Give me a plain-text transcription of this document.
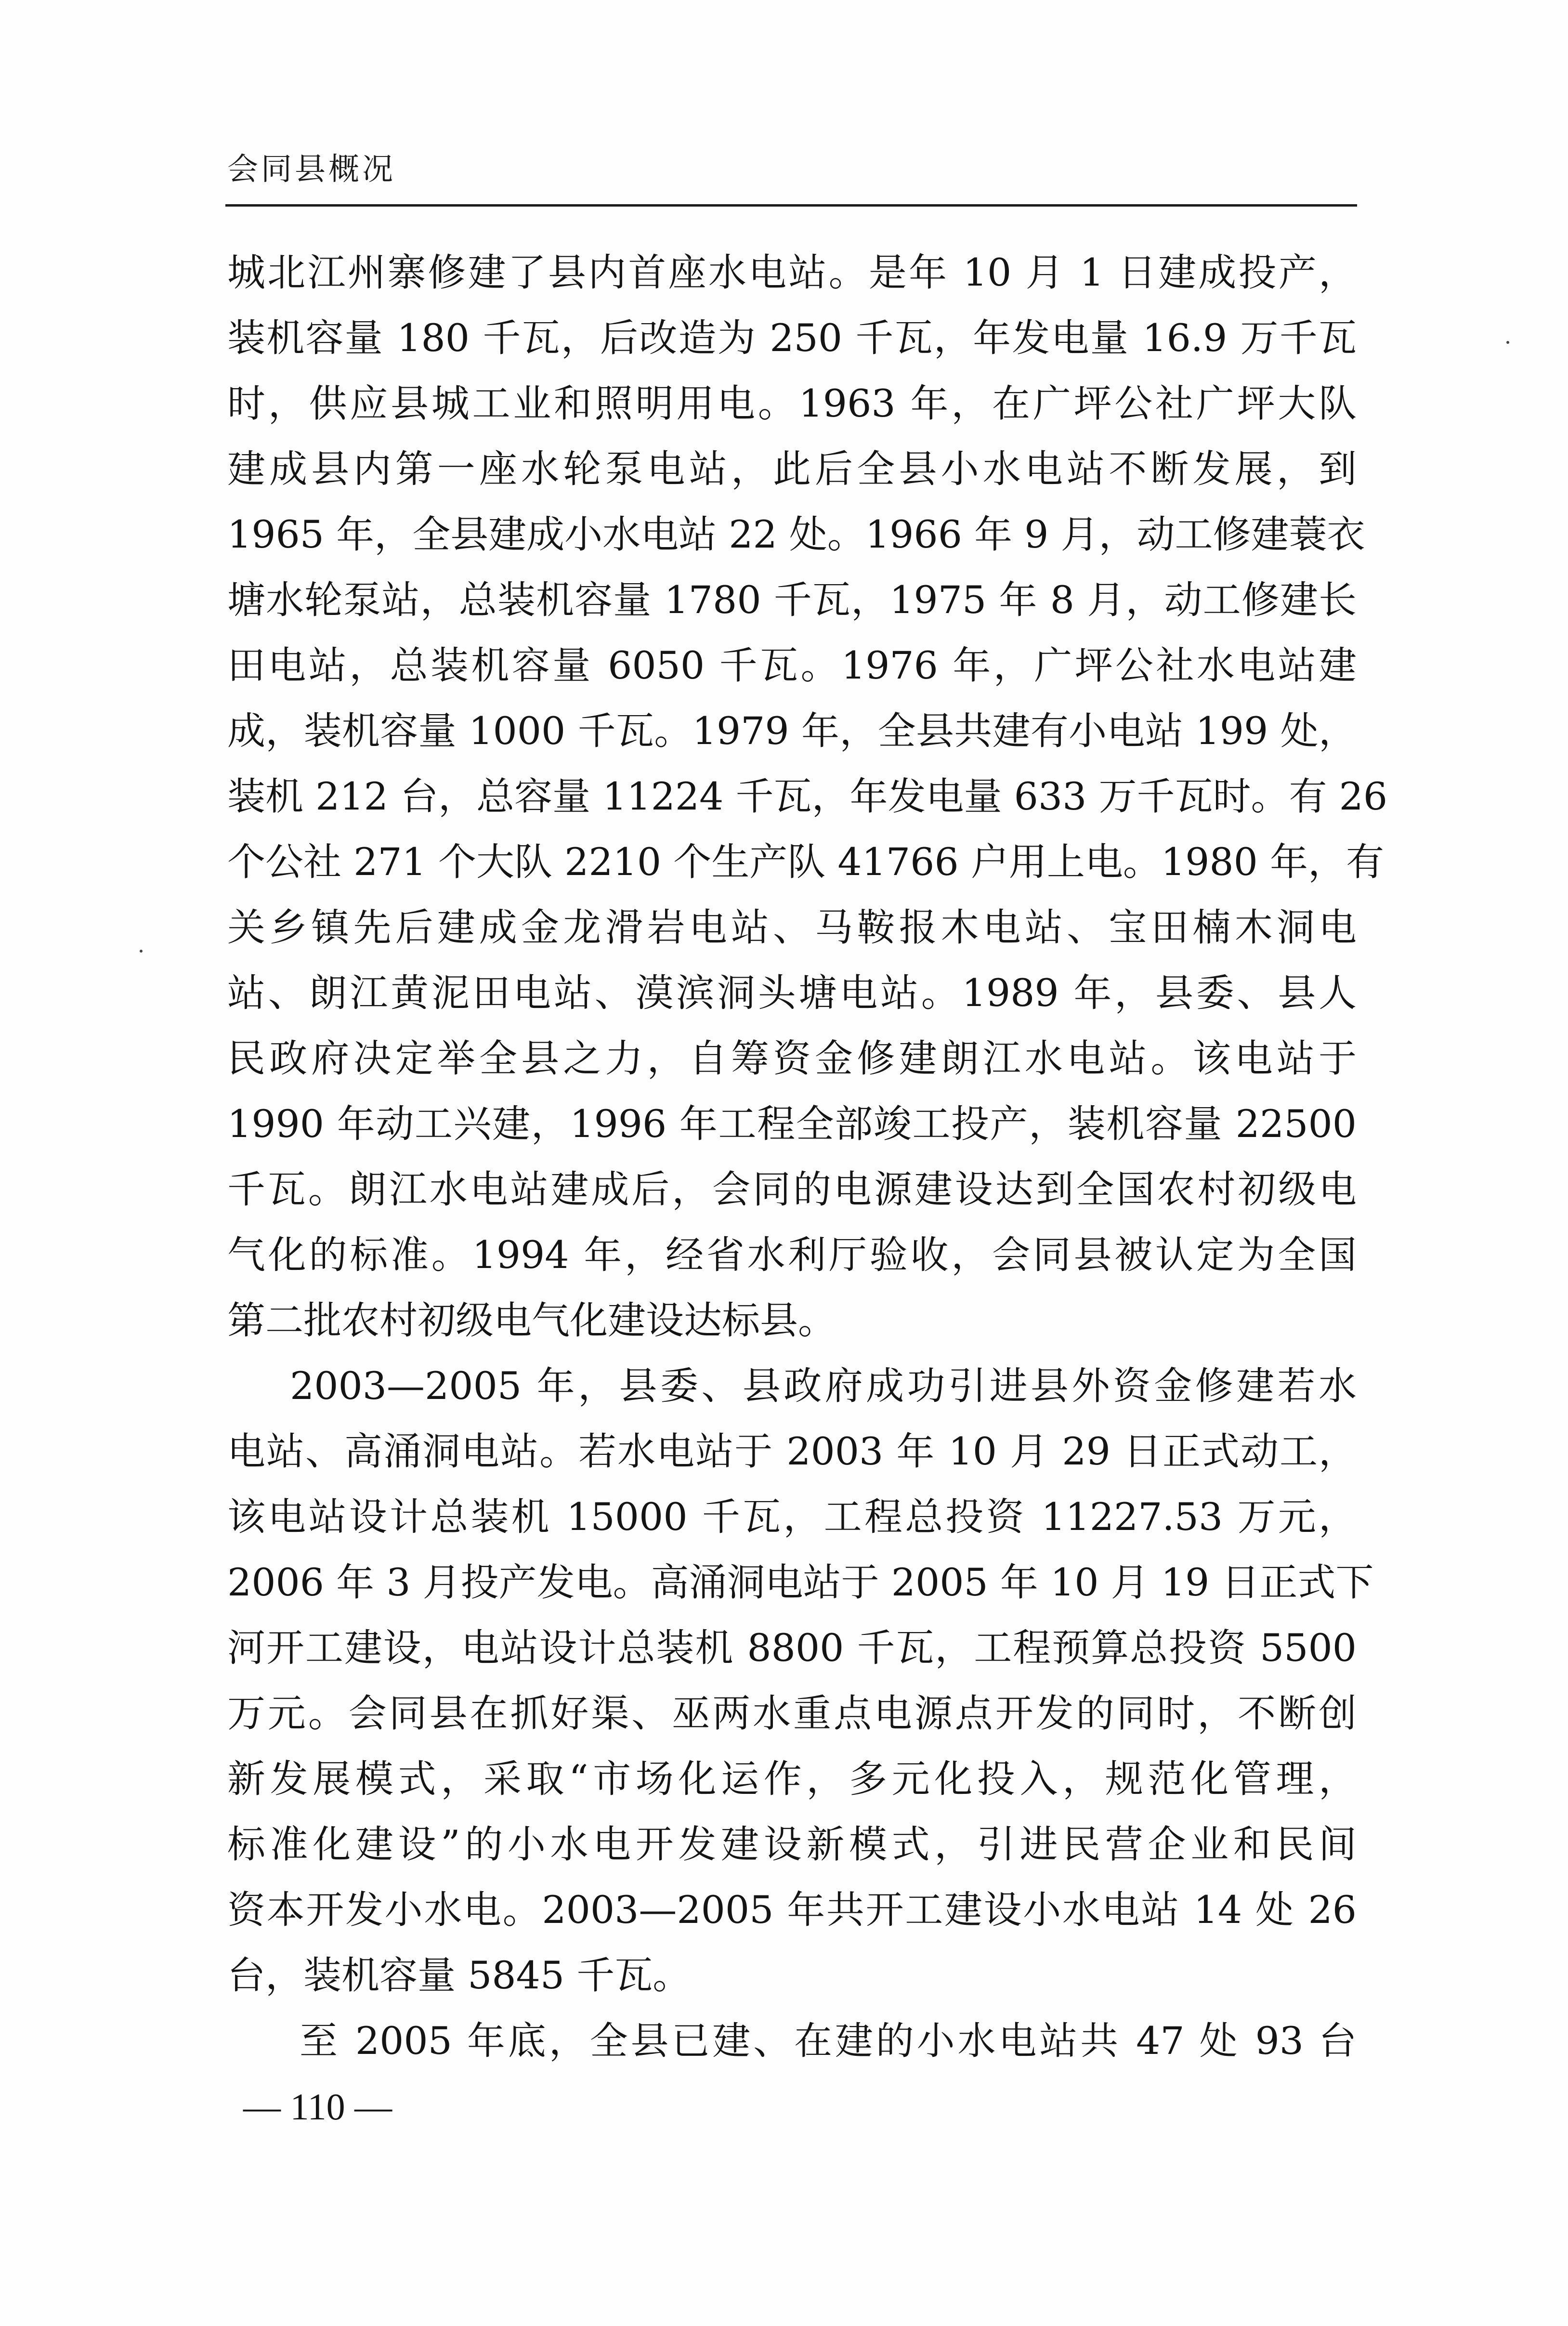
会同县概况
城北江州寨修建了县内首座水电站。是年 10 月 1 日建成投产，
装机容量 180 千瓦，后改造为 250 千瓦，年发电量 16.9 万千瓦
时，供应县城工业和照明用电。1963 年，在广坪公社广坪大队
建成县内第一座水轮泵电站，此后全县小水电站不断发展，到
1965 年，全县建成小水电站 22 处。1966 年 9 月，动工修建蓑衣
塘水轮泵站，总装机容量 1780 千瓦，1975 年 8 月，动工修建长
田电站，总装机容量 6050 千瓦。1976 年，广坪公社水电站建
成，装机容量 1000 千瓦。1979 年，全县共建有小电站 199 处，
装机 212 台，总容量 11224 千瓦，年发电量 633 万千瓦时。有 26
个公社 271 个大队 2210 个生产队 41766 户用上电。1980 年，有
关乡镇先后建成金龙滑岩电站、马鞍报木电站、宝田楠木洞电
站、朗江黄泥田电站、漠滨洞头塘电站。1989 年，县委、县人
民政府决定举全县之力，自筹资金修建朗江水电站。该电站于
1990 年动工兴建，1996 年工程全部竣工投产，装机容量 22500
千瓦。朗江水电站建成后，会同的电源建设达到全国农村初级电
气化的标准。1994 年，经省水利厅验收，会同县被认定为全国
第二批农村初级电气化建设达标县。
2003—2005 年，县委、县政府成功引进县外资金修建若水
电站、高涌洞电站。若水电站于 2003 年 10 月 29 日正式动工，
该电站设计总装机 15000 千瓦，工程总投资 11227.53 万元，
2006 年 3 月投产发电。高涌洞电站于 2005 年 10 月 19 日正式下
河开工建设，电站设计总装机 8800 千瓦，工程预算总投资 5500
万元。会同县在抓好渠、巫两水重点电源点开发的同时，不断创
新发展模式，采取“市场化运作，多元化投入，规范化管理，
标准化建设”的小水电开发建设新模式，引进民营企业和民间
资本开发小水电。2003—2005 年共开工建设小水电站 14 处 26
台，装机容量 5845 千瓦。
至 2005 年底，全县已建、在建的小水电站共 47 处 93 台
— 110 —
